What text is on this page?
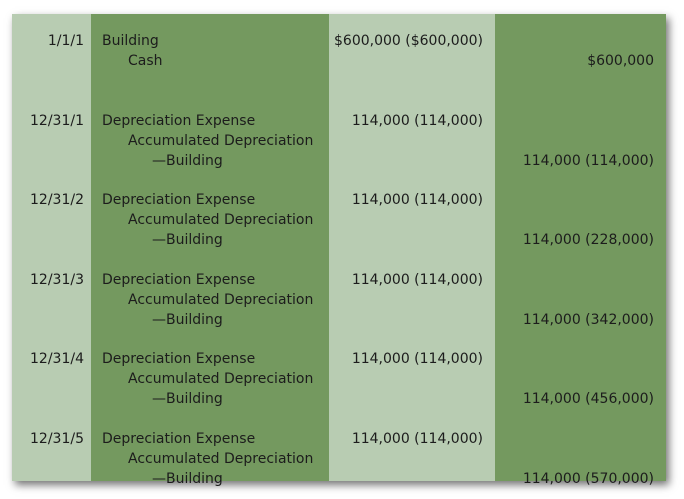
1/1/1
12/31/1
12/31/2
12/31/3
12/31/4
12/31/5
Building
Cash
Depreciation Expense
Accumulated Depreciation
—Building
Depreciation Expense
Accumulated Depreciation
—Building
Depreciation Expense
Accumulated Depreciation
—Building
Depreciation Expense
Accumulated Depreciation
—Building
Depreciation Expense
Accumulated Depreciation
—Building
$600,000 ($600,000)
114,000 (114,000)
114,000 (114,000)
114,000 (114,000)
114,000 (114,000)
114,000 (114,000)
$600,000
114,000 (114,000)
114,000 (228,000)
114,000 (342,000)
114,000 (456,000)
114,000 (570,000)
